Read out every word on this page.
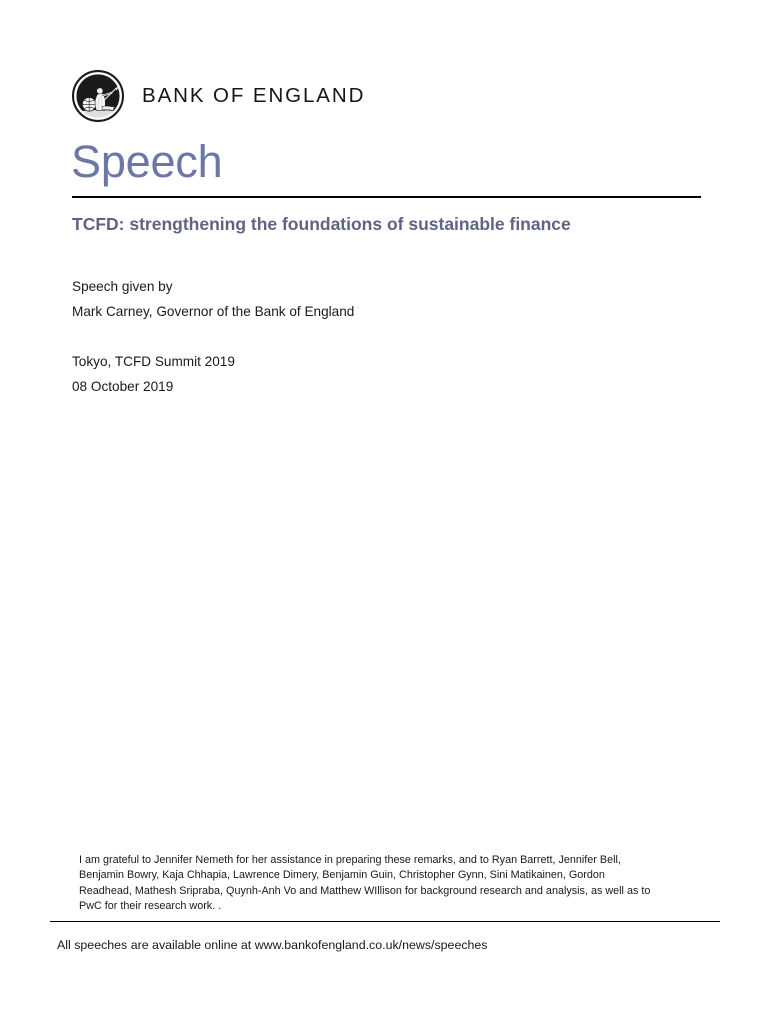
BANK OF ENGLAND
Speech
TCFD: strengthening the foundations of sustainable finance
Speech given by
Mark Carney, Governor of the Bank of England
Tokyo, TCFD Summit 2019
08 October 2019
I am grateful to Jennifer Nemeth for her assistance in preparing these remarks, and to Ryan Barrett, Jennifer Bell, Benjamin Bowry, Kaja Chhapia, Lawrence Dimery, Benjamin Guin, Christopher Gynn, Sini Matikainen, Gordon Readhead, Mathesh Sripraba, Quynh-Anh Vo and Matthew WIllison for background research and analysis, as well as to PwC for their research work. .
All speeches are available online at www.bankofengland.co.uk/news/speeches
